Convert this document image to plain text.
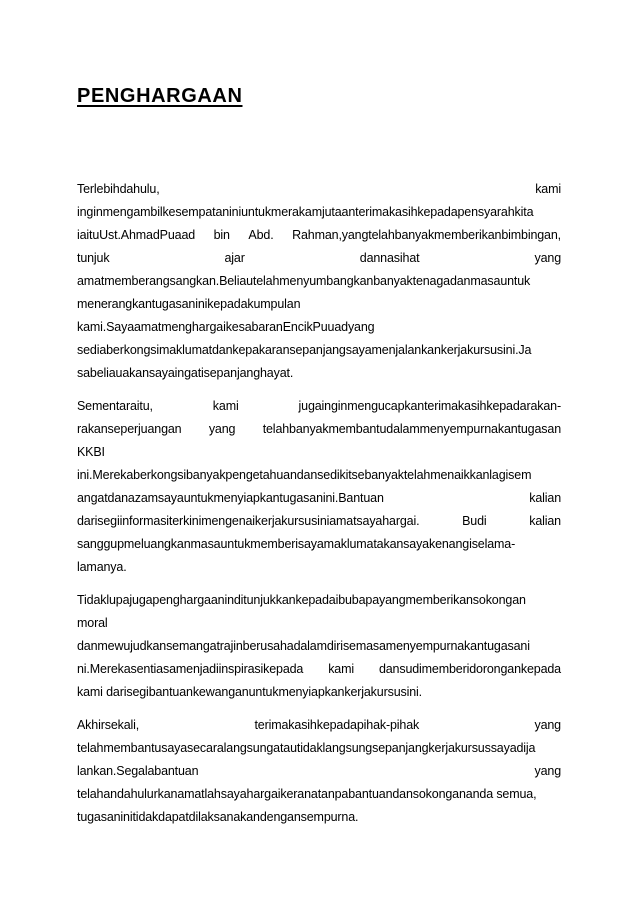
PENGHARGAAN
Terlebihdahulu,	kami
inginmengambilkesempataniniuntukmerakamjutaanterimakasihkepadapensyarahkita
iaituUst.AhmadPuaad bin Abd. Rahman,yangtelahbanyakmemberikanbimbingan,
tunjuk	ajar	dannasihat	yang
amatmemberangsangkan.Beliautelahmenyumbangkanbanyaktenagadanmasauntuk
menerangkantugasaninikepadakumpulan
kami.SayaamatmenghargaikesabaranEncikPuuadyang
sediaberkongsimaklumatdankepakaransepanjangsayamenjalankankerjakursusini.Ja
sabeliauakansayaingatisepanjanghayat.
Sementaraitu,	kami	jugainginmengucapkanterimakasihkepadarakan-
rakanseperjuangan yang telahbanyakmembantudalammenyempurnakantugasan
KKBI
ini.Merekaberkongsibanyakpengetahuandansedikitsebanyaktelahmenaikkanlagisem
angatdanazamsayauntukmenyiapkantugasanini.Bantuan	kalian
darisegiinformasiterkinimengenaikerjakursusiniamatsayahargai.	Budi	kalian
sanggupmeluangkanmasauntukmemberisayamaklumatakansayakenangiselama-
lamanya.
Tidaklupajugapenghargaaninditunjukkankepadaibubapayangmemberikansokongan
moral
danmewujudkansemangatrajinberusahadalamdirisemasamenyempurnakantugasani
ni.Merekasentiasamenjadiinspirasikepada kami dansudimemberidorongankepada
kami darisegibantuankewanganuntukmenyiapkankerjakursusini.
Akhirsekali,	terimakasihkepadapihak-pihak	yang
telahmembantusayasecaralangsungatautidaklangsungsepanjangkerjakursussayadija
lankan.Segalabantuan	yang
telahandahulurkanamatlahsayahargaikeranatanpabantuandansokongananda semua,
tugasaninitidakdapatdilaksanakandengansempurna.
